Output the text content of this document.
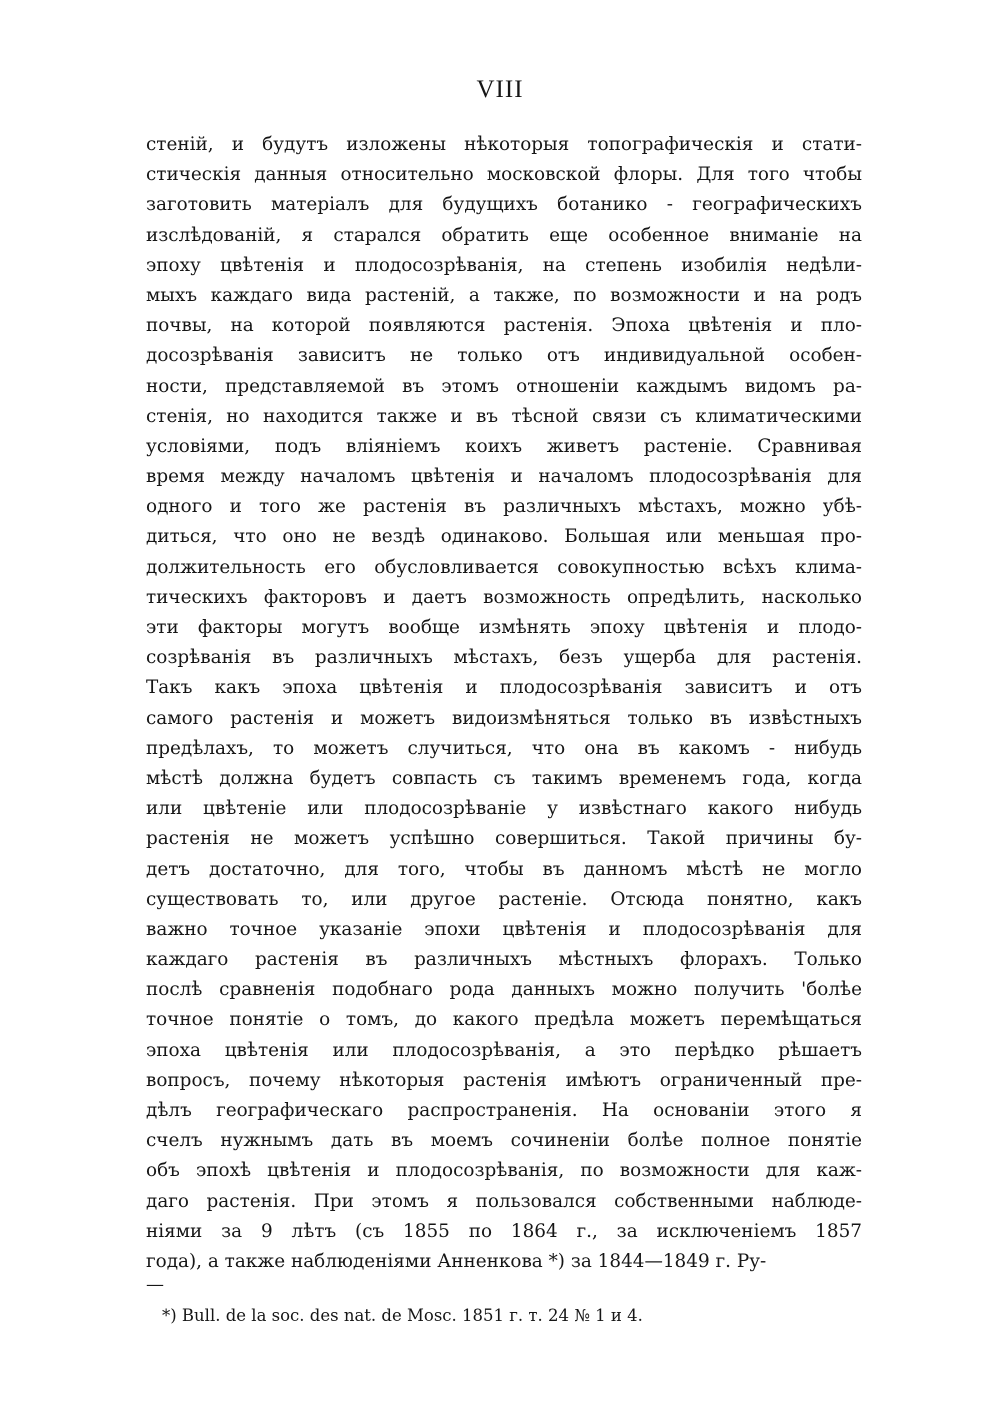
VIII
стеній, и будутъ изложены нѣкоторыя топографическія и стати-
стическія данныя относительно московской флоры. Для того чтобы
заготовить матеріалъ для будущихъ ботанико - географическихъ
изслѣдованій, я старался обратить еще особенное вниманіе на
эпоху цвѣтенія и плодосозрѣванія, на степень изобилія недѣли-
мыхъ каждаго вида растеній, а также, по возможности и на родъ
почвы, на которой появляются растенія. Эпоха цвѣтенія и пло-
досозрѣванія зависитъ не только отъ индивидуальной особен-
ности, представляемой въ этомъ отношеніи каждымъ видомъ ра-
стенія, но находится также и въ тѣсной связи съ климатическими
условіями, подъ вліяніемъ коихъ живетъ растеніе. Сравнивая
время между началомъ цвѣтенія и началомъ плодосозрѣванія для
одного и того же растенія въ различныхъ мѣстахъ, можно убѣ-
диться, что оно не вездѣ одинаково. Большая или меньшая про-
должительность его обусловливается совокупностью всѣхъ клима-
тическихъ факторовъ и даетъ возможность опредѣлить, насколько
эти факторы могутъ вообще измѣнять эпоху цвѣтенія и плодо-
созрѣванія въ различныхъ мѣстахъ, безъ ущерба для растенія.
Такъ какъ эпоха цвѣтенія и плодосозрѣванія зависитъ и отъ
самого растенія и можетъ видоизмѣняться только въ извѣстныхъ
предѣлахъ, то можетъ случиться, что она въ какомъ - нибудь
мѣстѣ должна будетъ совпасть съ такимъ временемъ года, когда
или цвѣтеніе или плодосозрѣваніе у извѣстнаго какого нибудь
растенія не можетъ успѣшно совершиться. Такой причины бу-
детъ достаточно, для того, чтобы въ данномъ мѣстѣ не могло
существовать то, или другое растеніе. Отсюда понятно, какъ
важно точное указаніе эпохи цвѣтенія и плодосозрѣванія для
каждаго растенія въ различныхъ мѣстныхъ флорахъ. Только
послѣ сравненія подобнаго рода данныхъ можно получить 'болѣе
точное понятіе о томъ, до какого предѣла можетъ перемѣщаться
эпоха цвѣтенія или плодосозрѣванія, а это перѣдко рѣшаетъ
вопросъ, почему нѣкоторыя растенія имѣютъ ограниченный пре-
дѣлъ географическаго распространенія. На основаніи этого я
счелъ нужнымъ дать въ моемъ сочиненіи болѣе полное понятіе
объ эпохѣ цвѣтенія и плодосозрѣванія, по возможности для каж-
даго растенія. При этомъ я пользовался собственными наблюде-
ніями за 9 лѣтъ (съ 1855 по 1864 г., за исключеніемъ 1857
года), а также наблюденіями Анненкова *) за 1844—1849 г. Ру-
—
*) Bull. de la soc. des nat. de Mosc. 1851 г. т. 24 № 1 и 4.
